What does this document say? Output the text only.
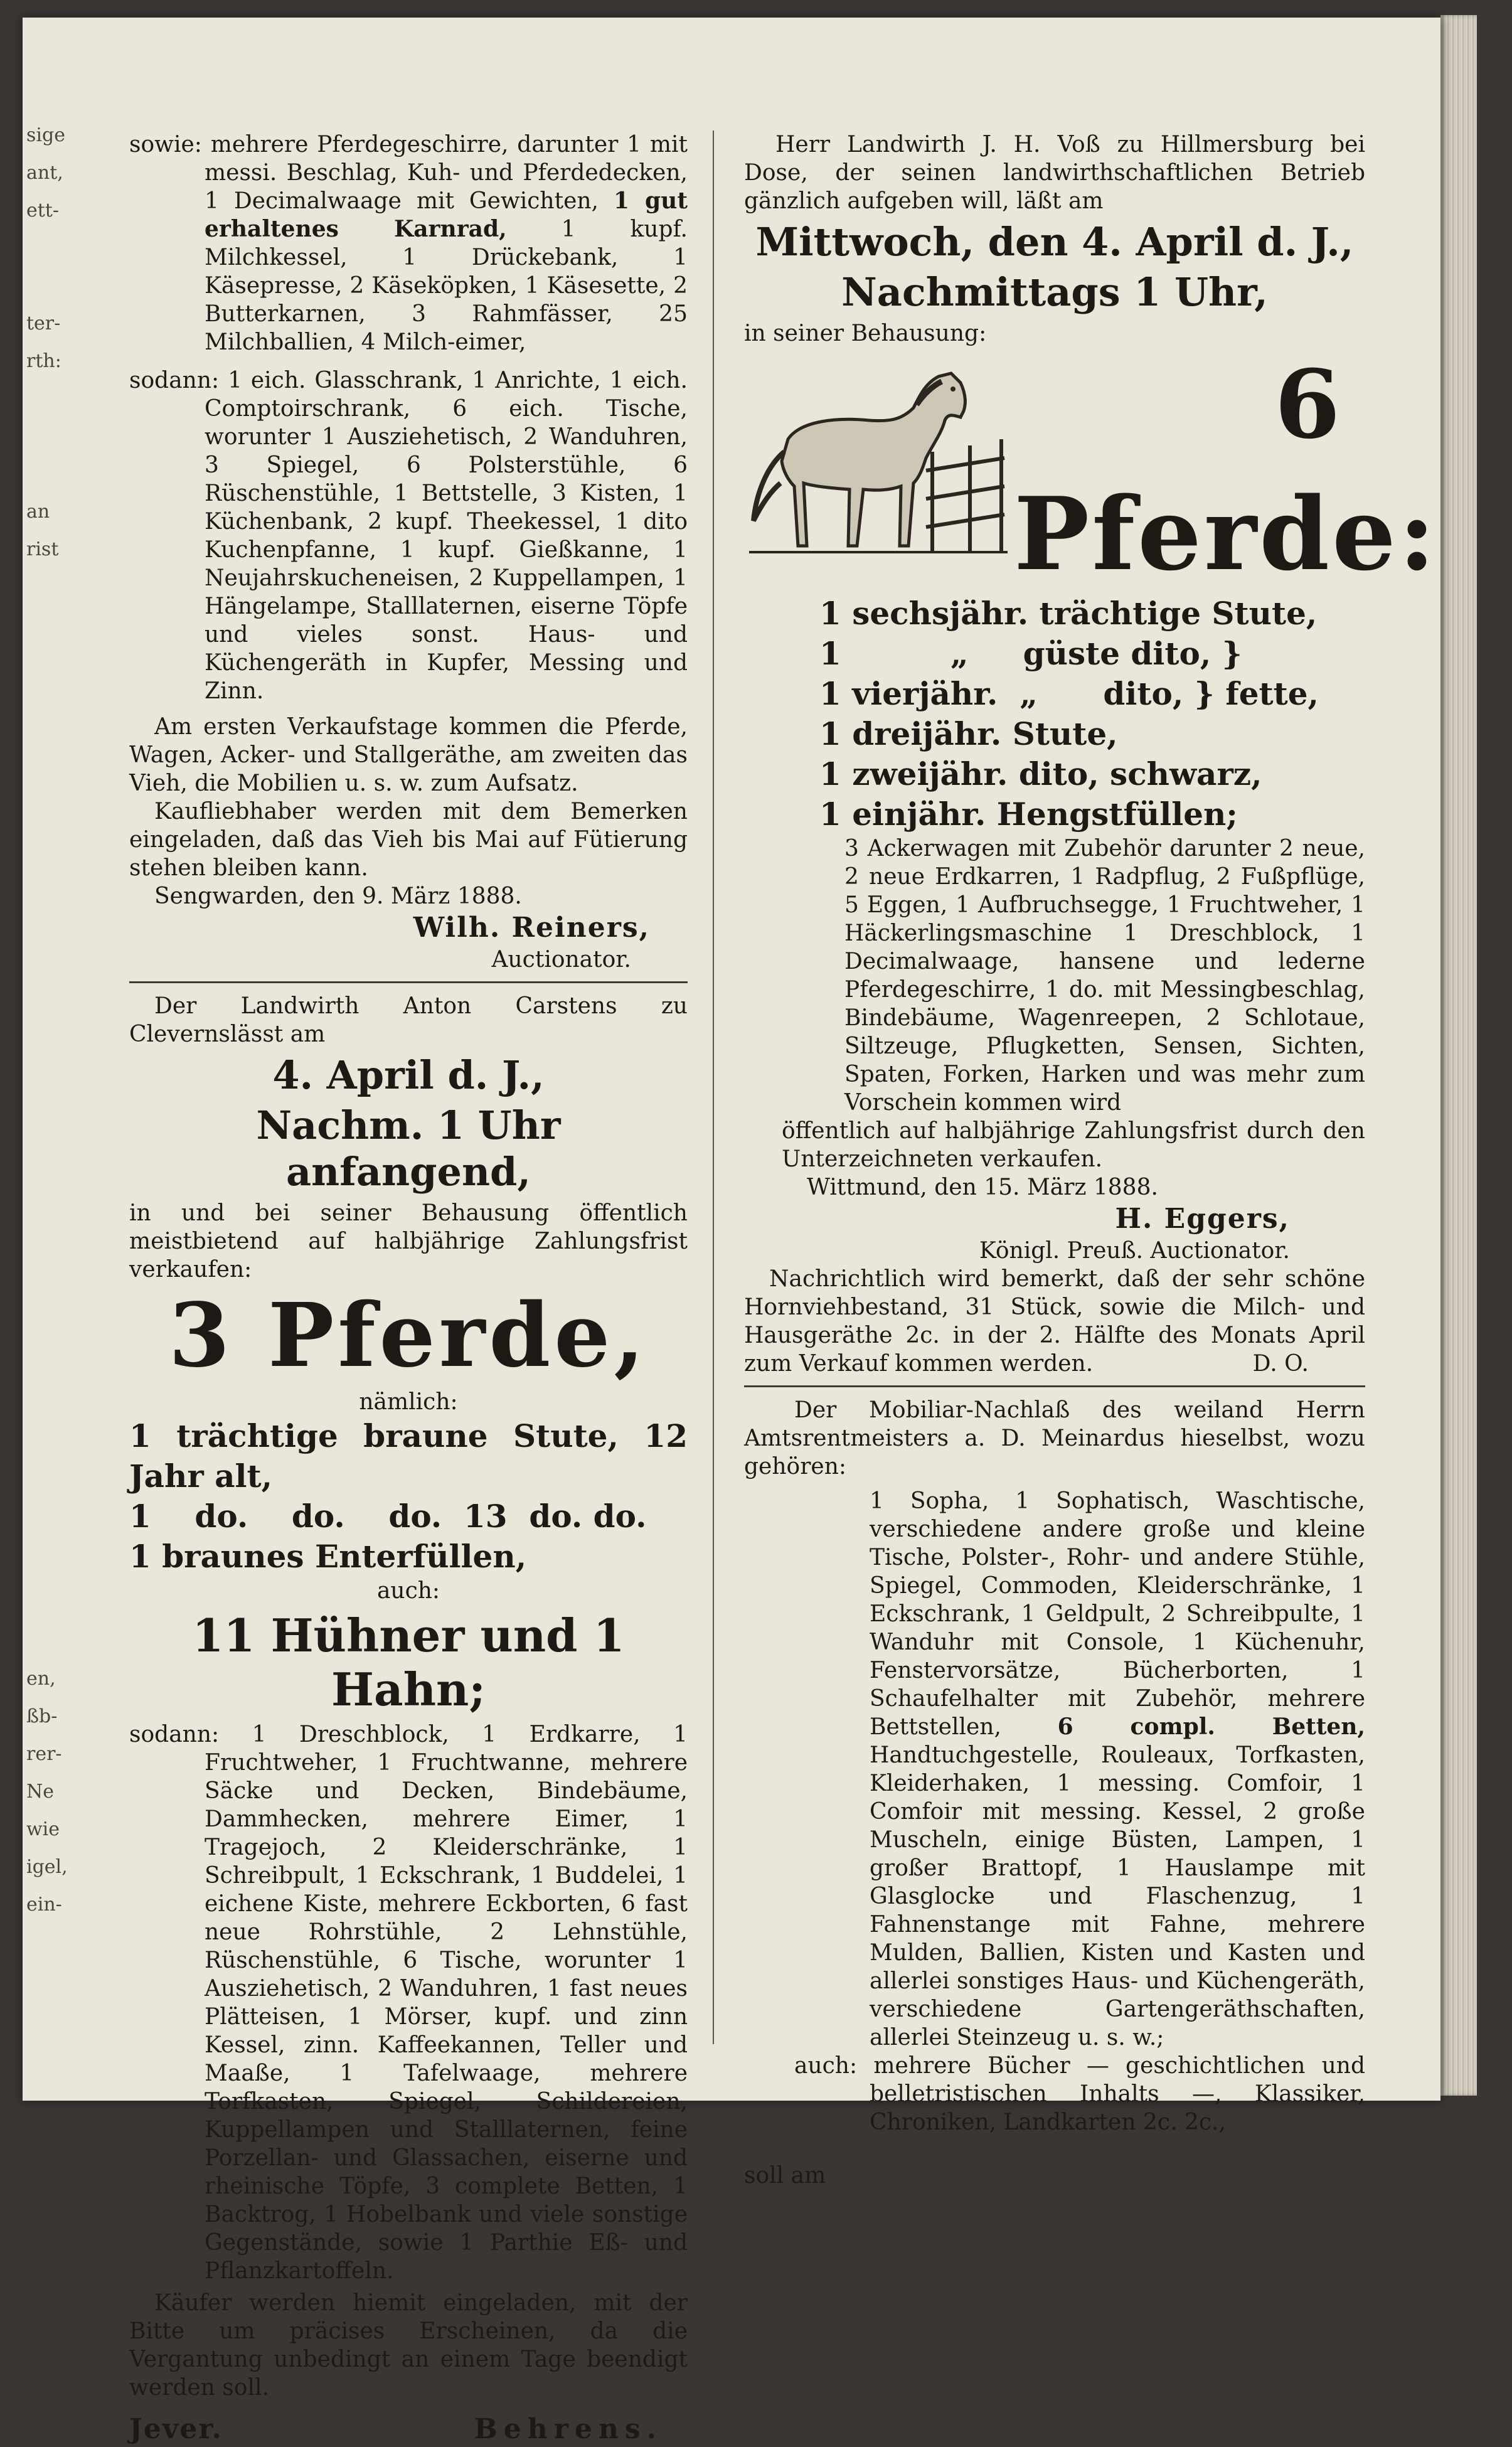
sige
ant,
ett-
ter-
rth:
an
rist
en,
ßb-
rer-
Ne
wie
igel,
ein-

sowie: mehrere Pferdegeschirre, darunter 1 mit messi. Beschlag, Kuh- und Pferdedecken, 1 Decimalwaage mit Gewichten, 1 gut erhaltenes Karnrad, 1 kupf. Milchkessel, 1 Drückebank, 1 Käsepresse, 2 Käseköpken, 1 Käsesette, 2 Butterkarnen, 3 Rahmfässer, 25 Milchballien, 4 Milch-eimer,

sodann: 1 eich. Glasschrank, 1 Anrichte, 1 eich. Comptoirschrank, 6 eich. Tische, worunter 1 Ausziehetisch, 2 Wanduhren, 3 Spiegel, 6 Polsterstühle, 6 Rüschenstühle, 1 Bettstelle, 3 Kisten, 1 Küchenbank, 2 kupf. Theekessel, 1 dito Kuchenpfanne, 1 kupf. Gießkanne, 1 Neujahrskucheneisen, 2 Kuppellampen, 1 Hängelampe, Stalllaternen, eiserne Töpfe und vieles sonst. Haus- und Küchengeräth in Kupfer, Messing und Zinn.

Am ersten Verkaufstage kommen die Pferde, Wagen, Acker- und Stallgeräthe, am zweiten das Vieh, die Mobilien u. s. w. zum Aufsatz.

Kaufliebhaber werden mit dem Bemerken eingeladen, daß das Vieh bis Mai auf Fütierung stehen bleiben kann.

Sengwarden, den 9. März 1888.

Wilh. Reiners,

Auctionator.

Der Landwirth Anton Carstens zu Clevernslässt am

4. April d. J.,
Nachm. 1 Uhr anfangend,

in und bei seiner Behausung öffentlich meistbietend auf halbjährige Zahlungsfrist verkaufen:

3 Pferde,

nämlich:

1 trächtige braune Stute, 12 Jahr alt,
1    do.    do.    do.  13  do. do.
1 braunes Enterfüllen,

auch:

11 Hühner und 1 Hahn;

sodann: 1 Dreschblock, 1 Erdkarre, 1 Fruchtweher, 1 Fruchtwanne, mehrere Säcke und Decken, Bindebäume, Dammhecken, mehrere Eimer, 1 Tragejoch, 2 Kleiderschränke, 1 Schreibpult, 1 Eckschrank, 1 Buddelei, 1 eichene Kiste, mehrere Eckborten, 6 fast neue Rohrstühle, 2 Lehnstühle, Rüschenstühle, 6 Tische, worunter 1 Ausziehetisch, 2 Wanduhren, 1 fast neues Plätteisen, 1 Mörser, kupf. und zinn Kessel, zinn. Kaffeekannen, Teller und Maaße, 1 Tafelwaage, mehrere Torfkasten, Spiegel, Schildereien, Kuppellampen und Stalllaternen, feine Porzellan- und Glassachen, eiserne und rheinische Töpfe, 3 complete Betten, 1 Backtrog, 1 Hobelbank und viele sonstige Gegenstände, sowie 1 Parthie Eß- und Pflanzkartoffeln.

Käufer werden hiemit eingeladen, mit der Bitte um präcises Erscheinen, da die Vergantung unbedingt an einem Tage beendigt werden soll.

Jever.	Behrens.

Herr Landwirth J. H. Voß zu Hillmersburg bei Dose, der seinen landwirthschaftlichen Betrieb gänzlich aufgeben will, läßt am

Mittwoch, den 4. April d. J.,
Nachmittags 1 Uhr,

in seiner Behausung:

6
Pferde:
1 sechsjähr. trächtige Stute,
1          „     güste dito, }
1 vierjähr.  „      dito, } fette,
1 dreijähr. Stute,
1 zweijähr. dito, schwarz,
1 einjähr. Hengstfüllen;

3 Ackerwagen mit Zubehör darunter 2 neue, 2 neue Erdkarren, 1 Radpflug, 2 Fußpflüge, 5 Eggen, 1 Aufbruchsegge, 1 Fruchtweher, 1 Häckerlingsmaschine 1 Dreschblock, 1 Decimalwaage, hansene und lederne Pferdegeschirre, 1 do. mit Messingbeschlag, Bindebäume, Wagenreepen, 2 Schlotaue, Siltzeuge, Pflugketten, Sensen, Sichten, Spaten, Forken, Harken und was mehr zum Vorschein kommen wird

öffentlich auf halbjährige Zahlungsfrist durch den Unterzeichneten verkaufen.

Wittmund, den 15. März 1888.

H. Eggers,

Königl. Preuß. Auctionator.

Nachrichtlich wird bemerkt, daß der sehr schöne Hornviehbestand, 31 Stück, sowie die Milch- und Hausgeräthe 2c. in der 2. Hälfte des Monats April zum Verkauf kommen werden.	D. O.

Der Mobiliar-Nachlaß des weiland Herrn Amtsrentmeisters a. D. Meinardus hieselbst, wozu gehören:

1 Sopha, 1 Sophatisch, Waschtische, verschiedene andere große und kleine Tische, Polster-, Rohr- und andere Stühle, Spiegel, Commoden, Kleiderschränke, 1 Eckschrank, 1 Geldpult, 2 Schreibpulte, 1 Wanduhr mit Console, 1 Küchenuhr, Fenstervorsätze, Bücherborten, 1 Schaufelhalter mit Zubehör, mehrere Bettstellen, 6 compl. Betten, Handtuchgestelle, Rouleaux, Torfkasten, Kleiderhaken, 1 messing. Comfoir, 1 Comfoir mit messing. Kessel, 2 große Muscheln, einige Büsten, Lampen, 1 großer Brattopf, 1 Hauslampe mit Glasglocke und Flaschenzug, 1 Fahnenstange mit Fahne, mehrere Mulden, Ballien, Kisten und Kasten und allerlei sonstiges Haus- und Küchengeräth, verschiedene Gartengeräthschaften, allerlei Steinzeug u. s. w.;

auch: mehrere Bücher — geschichtlichen und belletristischen Inhalts —, Klassiker, Chroniken, Landkarten 2c. 2c.,

soll am
